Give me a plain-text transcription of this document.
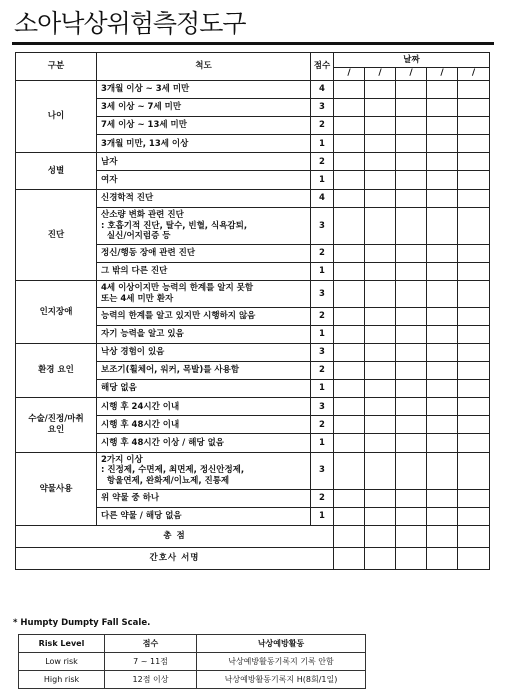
소아낙상위험측정도구
구분	척도	점수	날짜				
			/	/	/	/	/
나이	3개월 이상 ~ 3세 미만	4					
	3세 이상 ~ 7세 미만	3					
	7세 이상 ~ 13세 미만	2					
	3개월 미만, 13세 이상	1					
성별	남자	2					
	여자	1					
진단	신경학적 진단	4					
	산소량 변화 관련 진단
: 호흡기적 진단, 탈수, 빈혈, 식욕감퇴,
실신/어지럼증 등	3					
	정신/행동 장애 관련 진단	2					
	그 밖의 다른 진단	1					
인지장애	4세 이상이지만 능력의 한계를 알지 못함
또는 4세 미만 환자	3					
	능력의 한계를 알고 있지만 시행하지 않음	2					
	자기 능력을 알고 있음	1					
환경 요인	낙상 경험이 있음	3					
	보조기(휠체어, 워커, 목발)를 사용함	2					
	해당 없음	1					
수술/진정/마취
요인	시행 후 24시간 이내	3					
	시행 후 48시간 이내	2					
	시행 후 48시간 이상 / 해당 없음	1					
약물사용	2가지 이상
: 진정제, 수면제, 최면제, 정신안정제,
항울연제, 완화제/이뇨제, 진통제	3					
	위 약물 중 하나	2					
	다른 약물 / 해당 없음	1					
총 점							
간호사 서명							
* Humpty Dumpty Fall Scale.
Risk Level	점수	낙상예방활동
Low risk	7 ~ 11점	낙상예방활동기록지 기록 안함
High risk	12점 이상	낙상예방활동기록지 H(8회/1일)
